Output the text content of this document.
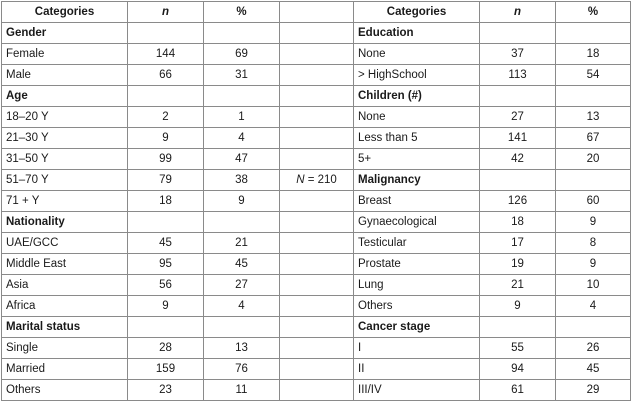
Categories	n	%		Categories	n	%
Gender				Education		
Female	144	69		None	37	18
Male	66	31		> HighSchool	113	54
Age				Children (#)		
18–20 Y	2	1		None	27	13
21–30 Y	9	4		Less than 5	141	67
31–50 Y	99	47		5+	42	20
51–70 Y	79	38	N = 210	Malignancy		
71 + Y	18	9		Breast	126	60
Nationality				Gynaecological	18	9
UAE/GCC	45	21		Testicular	17	8
Middle East	95	45		Prostate	19	9
Asia	56	27		Lung	21	10
Africa	9	4		Others	9	4
Marital status				Cancer stage		
Single	28	13		I	55	26
Married	159	76		II	94	45
Others	23	11		III/IV	61	29
